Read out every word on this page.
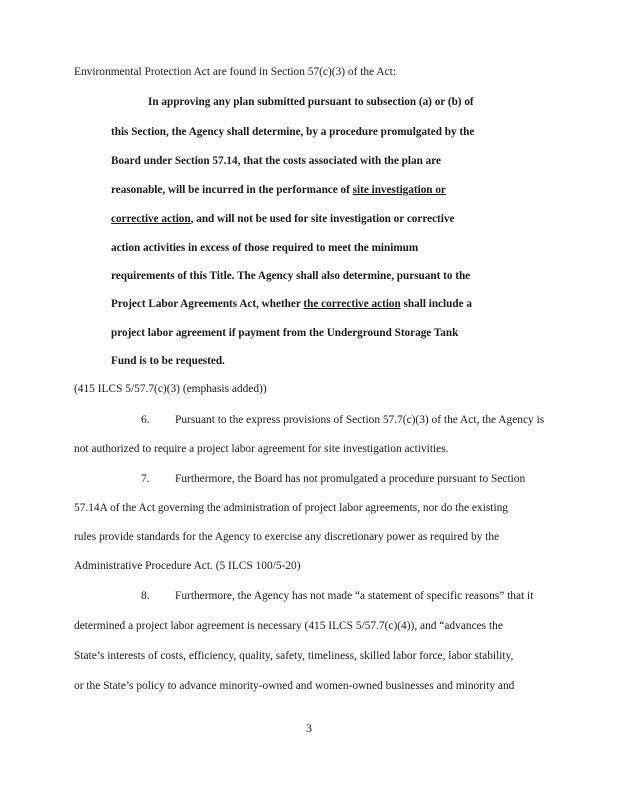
Environmental Protection Act are found in Section 57(c)(3) of the Act:
In approving any plan submitted pursuant to subsection (a) or (b) of
this Section, the Agency shall determine, by a procedure promulgated by the
Board under Section 57.14, that the costs associated with the plan are
reasonable, will be incurred in the performance of site investigation or
corrective action, and will not be used for site investigation or corrective
action activities in excess of those required to meet the minimum
requirements of this Title. The Agency shall also determine, pursuant to the
Project Labor Agreements Act, whether the corrective action shall include a
project labor agreement if payment from the Underground Storage Tank
Fund is to be requested.
(415 ILCS 5/57.7(c)(3) (emphasis added))
6. Pursuant to the express provisions of Section 57.7(c)(3) of the Act, the Agency is
not authorized to require a project labor agreement for site investigation activities.
7. Furthermore, the Board has not promulgated a procedure pursuant to Section
57.14A of the Act governing the administration of project labor agreements, nor do the existing
rules provide standards for the Agency to exercise any discretionary power as required by the
Administrative Procedure Act. (5 ILCS 100/5-20)
8. Furthermore, the Agency has not made “a statement of specific reasons” that it
determined a project labor agreement is necessary (415 ILCS 5/57.7(c)(4)), and “advances the
State’s interests of costs, efficiency, quality, safety, timeliness, skilled labor force, labor stability,
or the State’s policy to advance minority-owned and women-owned businesses and minority and
3
